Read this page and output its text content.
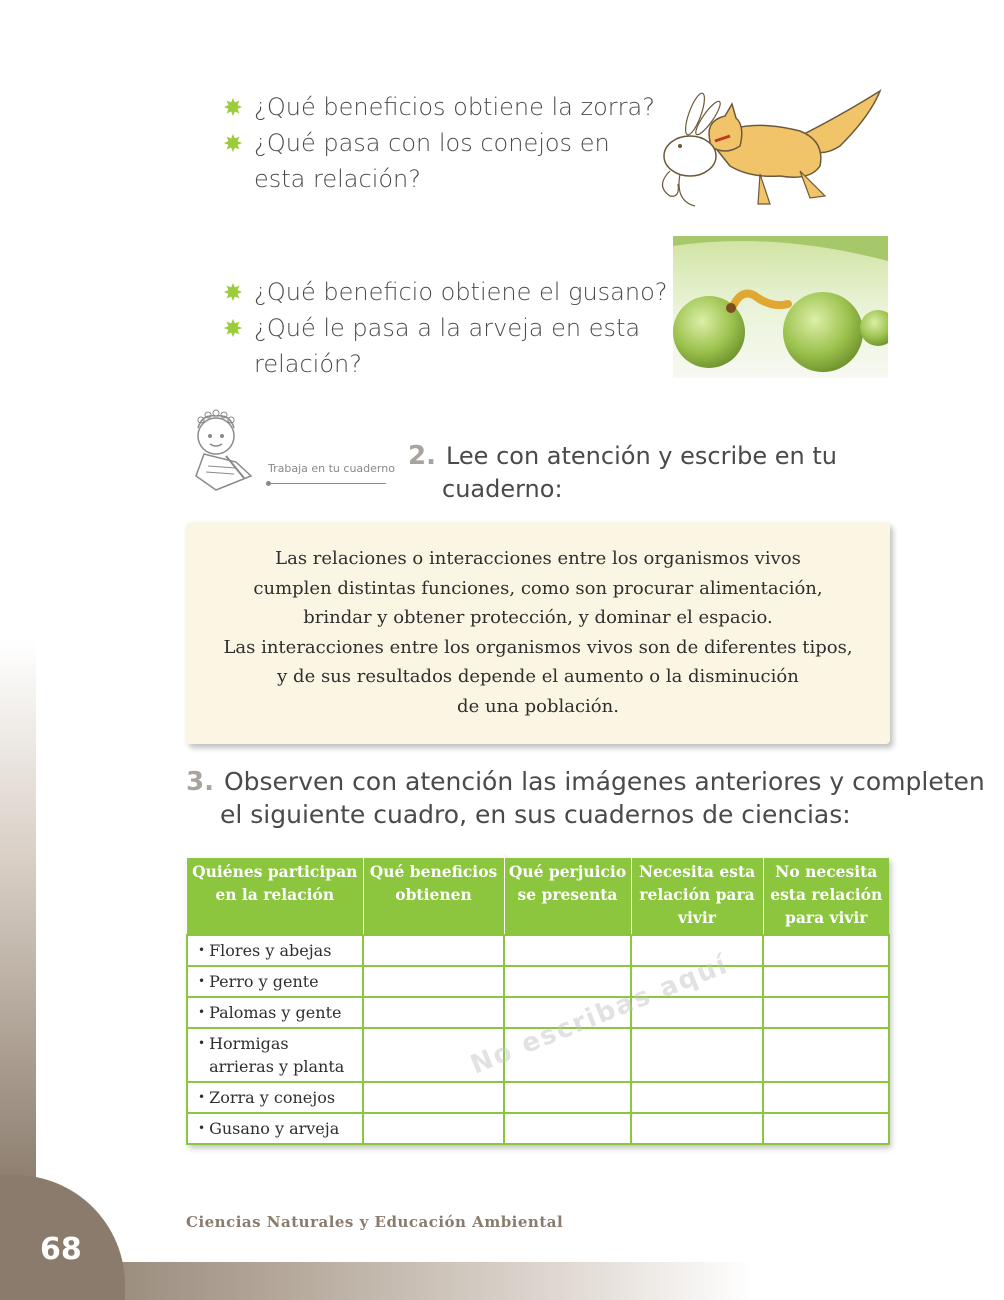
68
Ciencias Naturales y Educación Ambiental
¿Qué beneficios obtiene la zorra?
¿Qué pasa con los conejos en
esta relación?
¿Qué beneficio obtiene el gusano?
¿Qué le pasa a la arveja en esta
relación?
Trabaja en tu cuaderno 2. Lee con atención y escribe en tu
cuaderno:
Las relaciones o interacciones entre los organismos vivos
cumplen distintas funciones, como son procurar alimentación,
brindar y obtener protección, y dominar el espacio.
Las interacciones entre los organismos vivos son de diferentes tipos,
y de sus resultados depende el aumento o la disminución
de una población.
3. Observen con atención las imágenes anteriores y completen
el siguiente cuadro, en sus cuadernos de ciencias:
Quiénes participan en la relación	Qué beneficios obtienen	Qué perjuicio se presenta	Necesita esta relación para vivir	No necesita esta relación para vivir
• Flores y abejas				
• Perro y gente				
• Palomas y gente				
• Hormigas arrieras y planta				
• Zorra y conejos				
• Gusano y arveja				
No escribas aquí
